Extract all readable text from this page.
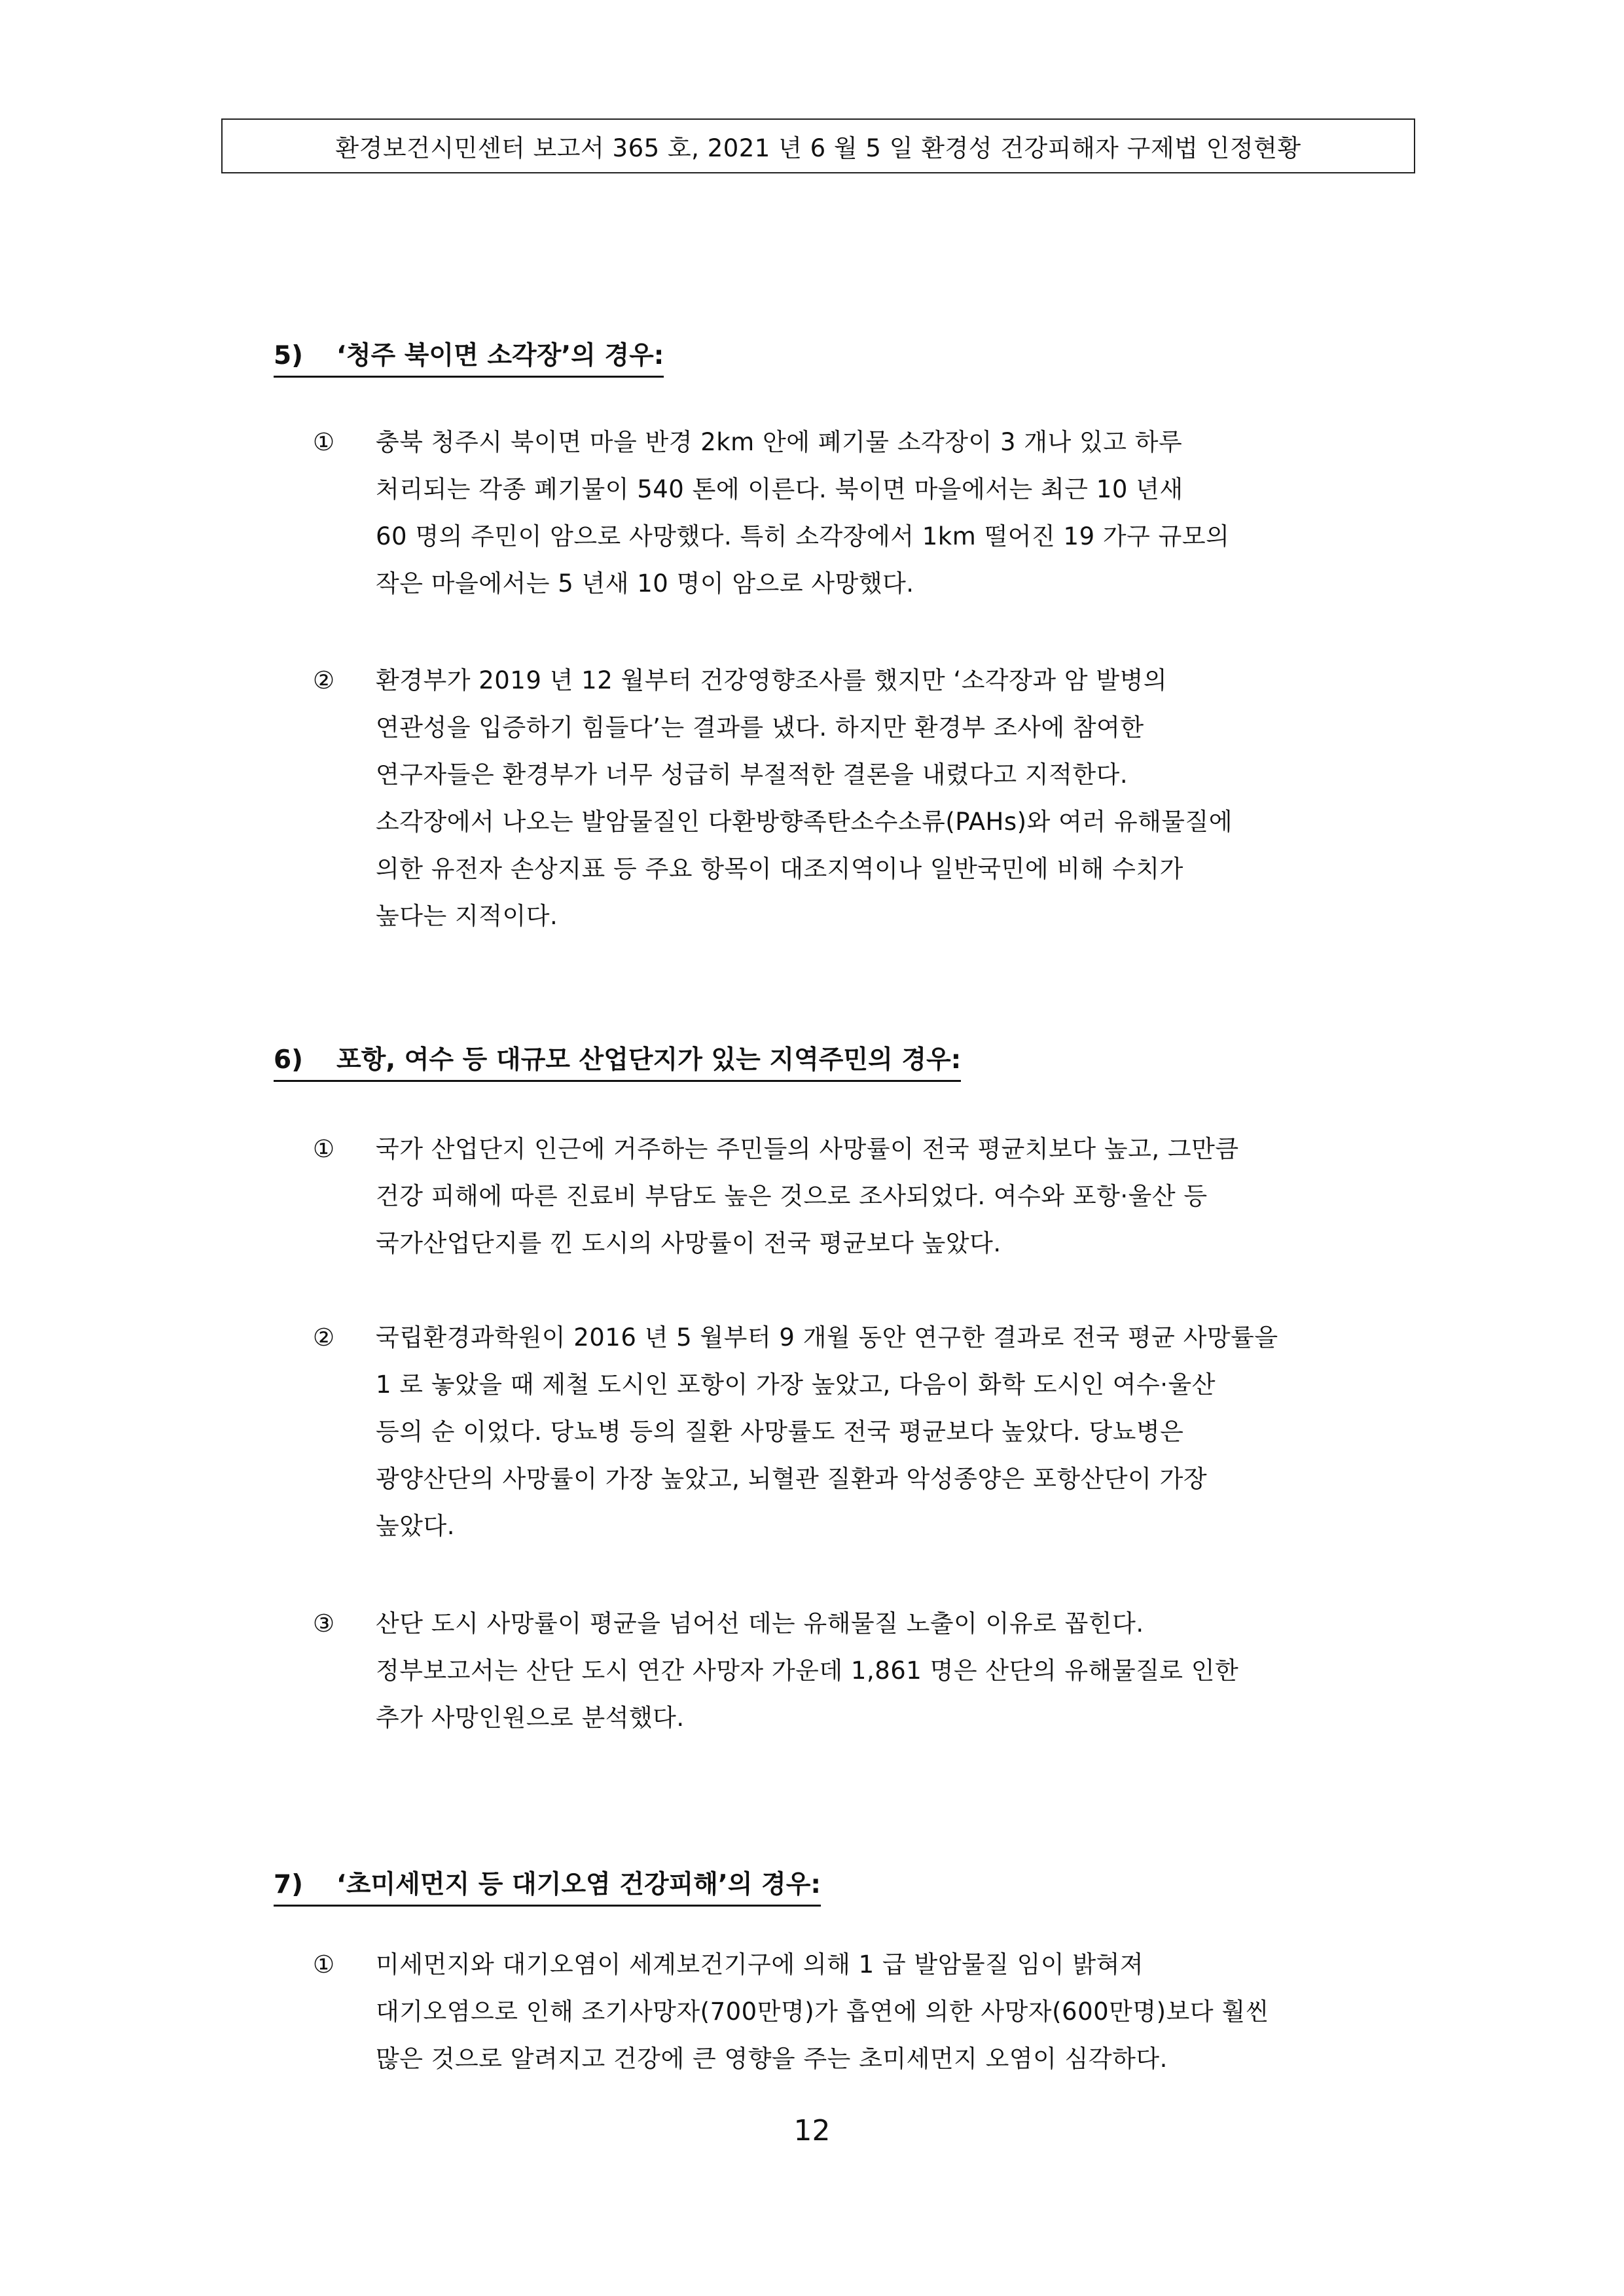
환경보건시민센터 보고서 365 호, 2021 년 6 월 5 일 환경성 건강피해자 구제법 인정현황
5)	‘청주 북이면 소각장’의 경우:
①	충북 청주시 북이면 마을 반경 2km 안에 폐기물 소각장이 3 개나 있고 하루
처리되는 각종 폐기물이 540 톤에 이른다. 북이면 마을에서는 최근 10 년새
60 명의 주민이 암으로 사망했다. 특히 소각장에서 1km 떨어진 19 가구 규모의
작은 마을에서는 5 년새 10 명이 암으로 사망했다.
②	환경부가 2019 년 12 월부터 건강영향조사를 했지만 ‘소각장과 암 발병의
연관성을 입증하기 힘들다’는 결과를 냈다. 하지만 환경부 조사에 참여한
연구자들은 환경부가 너무 성급히 부절적한 결론을 내렸다고 지적한다.
소각장에서 나오는 발암물질인 다환방향족탄소수소류(PAHs)와 여러 유해물질에
의한 유전자 손상지표 등 주요 항목이 대조지역이나 일반국민에 비해 수치가
높다는 지적이다.
6)	포항, 여수 등 대규모 산업단지가 있는 지역주민의 경우:
①	국가 산업단지 인근에 거주하는 주민들의 사망률이 전국 평균치보다 높고, 그만큼
건강 피해에 따른 진료비 부담도 높은 것으로 조사되었다. 여수와 포항·울산 등
국가산업단지를 낀 도시의 사망률이 전국 평균보다 높았다.
②	국립환경과학원이 2016 년 5 월부터 9 개월 동안 연구한 결과로 전국 평균 사망률을
1 로 놓았을 때 제철 도시인 포항이 가장 높았고, 다음이 화학 도시인 여수·울산
등의 순 이었다. 당뇨병 등의 질환 사망률도 전국 평균보다 높았다. 당뇨병은
광양산단의 사망률이 가장 높았고, 뇌혈관 질환과 악성종양은 포항산단이 가장
높았다.
③	산단 도시 사망률이 평균을 넘어선 데는 유해물질 노출이 이유로 꼽힌다.
정부보고서는 산단 도시 연간 사망자 가운데 1,861 명은 산단의 유해물질로 인한
추가 사망인원으로 분석했다.
7)	‘초미세먼지 등 대기오염 건강피해’의 경우:
①	미세먼지와 대기오염이 세계보건기구에 의해 1 급 발암물질 임이 밝혀져
대기오염으로 인해 조기사망자(700만명)가 흡연에 의한 사망자(600만명)보다 훨씬
많은 것으로 알려지고 건강에 큰 영향을 주는 초미세먼지 오염이 심각하다.
12
